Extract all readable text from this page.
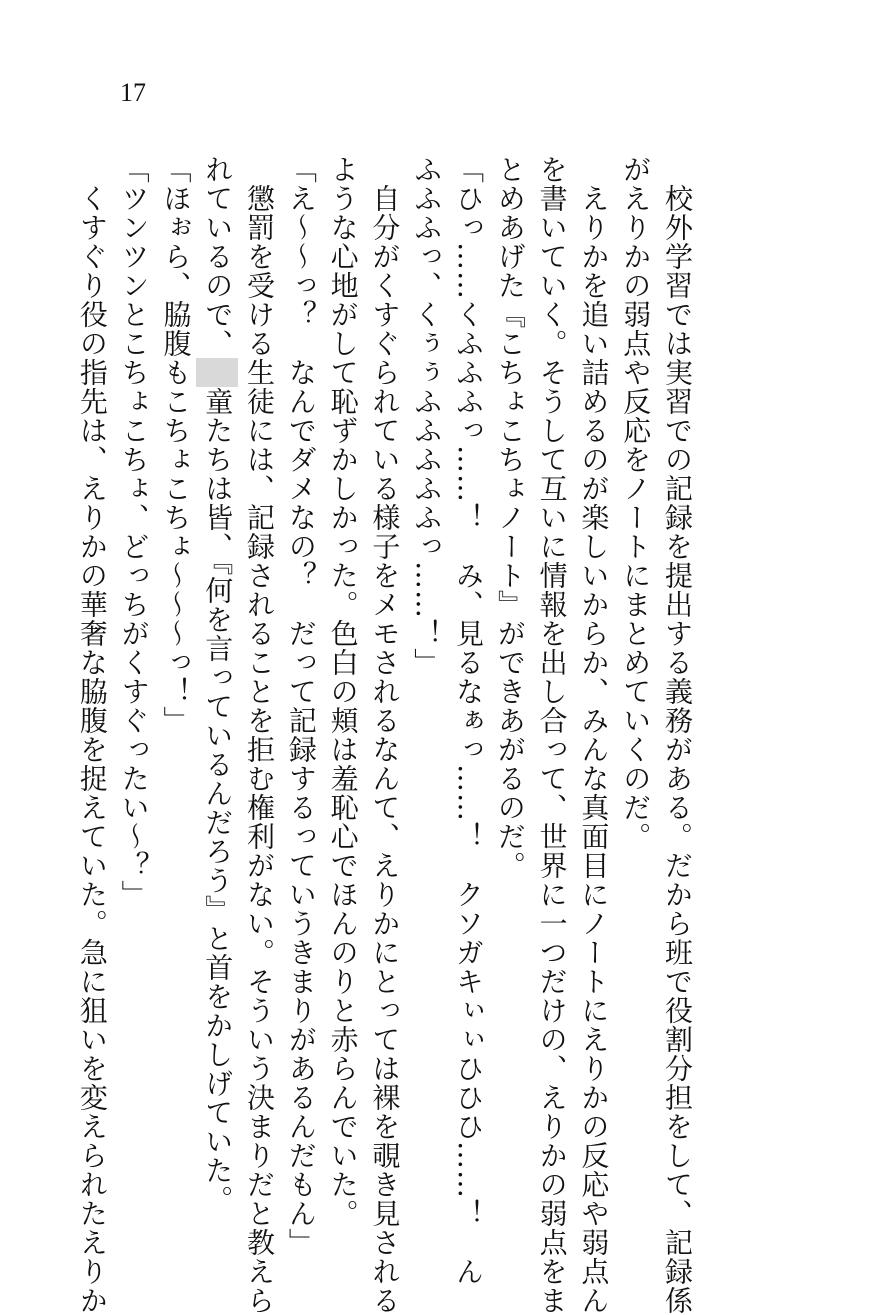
17
　校外学習では実習での記録を提出する義務がある。だから班で役割分担をして、記録係
がえりかの弱点や反応をノートにまとめていくのだ。
　えりかを追い詰めるのが楽しいからか、みんな真面目にノートにえりかの反応や弱点ん
を書いていく。そうして互いに情報を出し合って、世界に一つだけの、えりかの弱点をま
とめあげた『こちょこちょノート』ができあがるのだ。
「ひっ……くふふふっ……！　み、見るなぁっ……！　クソガキぃぃひひひ……！　ん
ふふふっ、くぅぅふふふふふっ……！」
　自分がくすぐられている様子をメモされるなんて、えりかにとっては裸を覗き見される
ような心地がして恥ずかしかった。色白の頬は羞恥心でほんのりと赤らんでいた。
「え〜〜っ？　なんでダメなの？　だって記録するっていうきまりがあるんだもん」
　懲罰を受ける生徒には、記録されることを拒む権利がない。そういう決まりだと教えら
れているので、童たちは皆、『何を言っているんだろう』と首をかしげていた。
「ほぉら、脇腹もこちょこちょ〜〜〜っ！」
「ツンツンとこちょこちょ、どっちがくすぐったい〜？」
　くすぐり役の指先は、えりかの華奢な脇腹を捉えていた。急に狙いを変えられたえりか
